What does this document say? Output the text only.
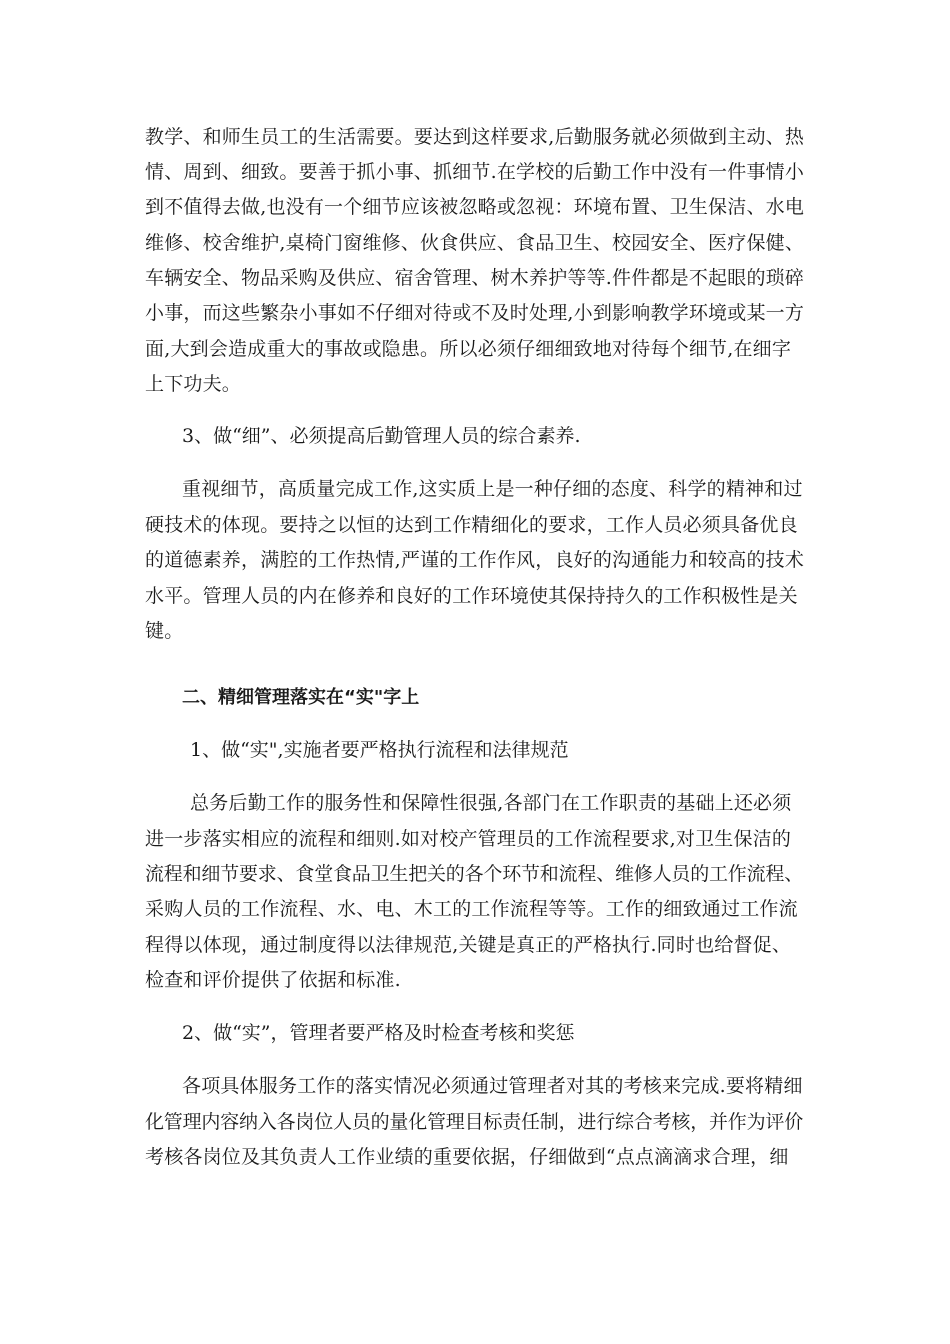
教学、和师生员工的生活需要。要达到这样要求,后勤服务就必须做到主动、热
情、周到、细致。要善于抓小事、抓细节.在学校的后勤工作中没有一件事情小
到不值得去做,也没有一个细节应该被忽略或忽视：环境布置、卫生保洁、水电
维修、校舍维护,桌椅门窗维修、伙食供应、食品卫生、校园安全、医疗保健、
车辆安全、物品采购及供应、宿舍管理、树木养护等等.件件都是不起眼的琐碎
小事，而这些繁杂小事如不仔细对待或不及时处理,小到影响教学环境或某一方
面,大到会造成重大的事故或隐患。所以必须仔细细致地对待每个细节,在细字
上下功夫。
3、做“细”、必须提高后勤管理人员的综合素养.
重视细节，高质量完成工作,这实质上是一种仔细的态度、科学的精神和过
硬技术的体现。要持之以恒的达到工作精细化的要求，工作人员必须具备优良
的道德素养，满腔的工作热情,严谨的工作作风，良好的沟通能力和较高的技术
水平。管理人员的内在修养和良好的工作环境使其保持持久的工作积极性是关
键。
二、精细管理落实在“实"字上
1、做“实",实施者要严格执行流程和法律规范
总务后勤工作的服务性和保障性很强,各部门在工作职责的基础上还必须
进一步落实相应的流程和细则.如对校产管理员的工作流程要求,对卫生保洁的
流程和细节要求、食堂食品卫生把关的各个环节和流程、维修人员的工作流程、
采购人员的工作流程、水、电、木工的工作流程等等。工作的细致通过工作流
程得以体现，通过制度得以法律规范,关键是真正的严格执行.同时也给督促、
检查和评价提供了依据和标准.
2、做“实”，管理者要严格及时检查考核和奖惩
各项具体服务工作的落实情况必须通过管理者对其的考核来完成.要将精细
化管理内容纳入各岗位人员的量化管理目标责任制，进行综合考核，并作为评价
考核各岗位及其负责人工作业绩的重要依据，仔细做到“点点滴滴求合理，细
